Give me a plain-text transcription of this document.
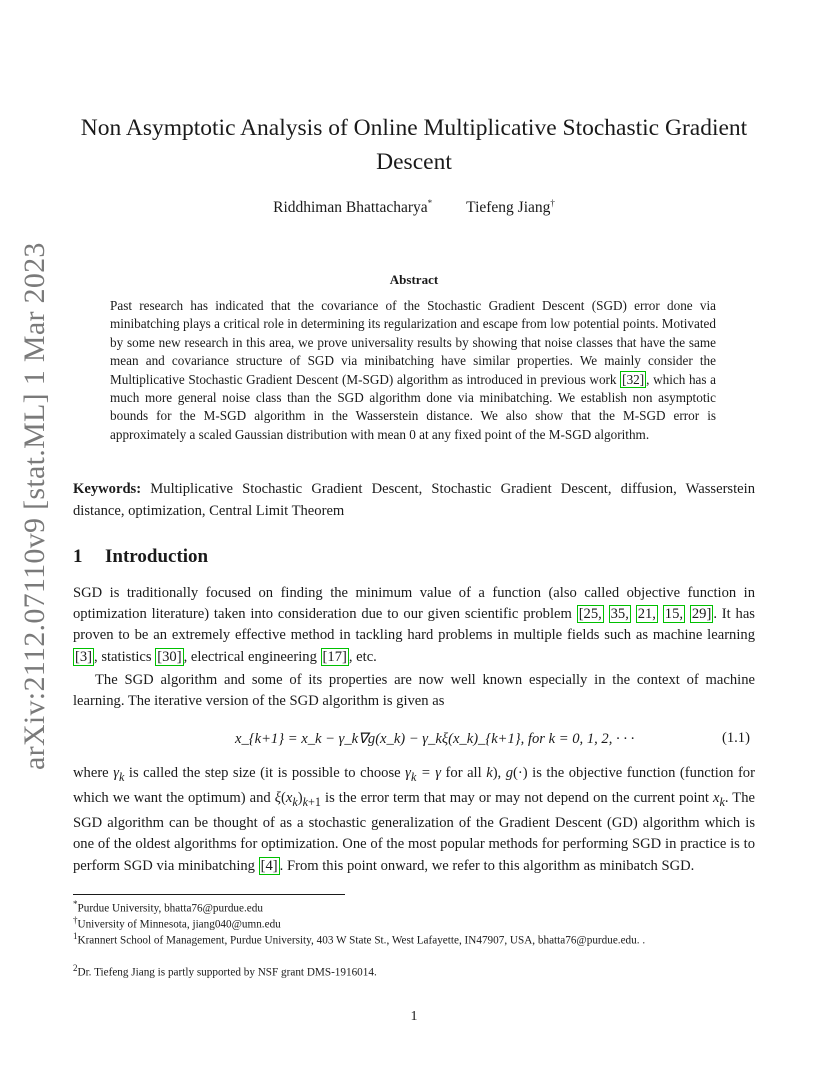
arXiv:2112.07110v9 [stat.ML] 1 Mar 2023
Non Asymptotic Analysis of Online Multiplicative Stochastic Gradient
Descent
Riddhiman Bhattacharya* Tiefeng Jiang†
Abstract
Past research has indicated that the covariance of the Stochastic Gradient Descent (SGD) error done via minibatching plays a critical role in determining its regularization and escape from low potential points. Motivated by some new research in this area, we prove universality results by showing that noise classes that have the same mean and covariance structure of SGD via minibatching have similar properties. We mainly consider the Multiplicative Stochastic Gradient Descent (M-SGD) algorithm as introduced in previous work [32] , which has a much more general noise class than the SGD algorithm done via minibatching. We establish non asymptotic bounds for the M-SGD algorithm in the Wasserstein distance. We also show that the M-SGD error is approximately a scaled Gaussian distribution with mean 0 at any fixed point of the M-SGD algorithm.
Keywords: Multiplicative Stochastic Gradient Descent, Stochastic Gradient Descent, diffusion, Wasserstein distance, optimization, Central Limit Theorem
1 Introduction
SGD is traditionally focused on finding the minimum value of a function (also called objective function in optimization literature) taken into consideration due to our given scientific problem [25, 35, 21, 15, 29] . It has proven to be an extremely effective method in tackling hard problems in multiple fields such as machine learning [3] , statistics [30] , electrical engineering [17] , etc.
The SGD algorithm and some of its properties are now well known especially in the context of machine learning. The iterative version of the SGD algorithm is given as
x_{k+1} = x_k − γ_k∇g(x_k) − γ_kξ(x_k)_{k+1}, for k = 0, 1, 2, · · ·	(1.1)
where $\gamma_k$ is called the step size (it is possible to choose $\gamma_k = \gamma$ for all k), g(·) is the objective function (function for which we want the optimum) and $\xi(x_k)_{k+1}$ is the error term that may or may not depend on the current point $x_k$. The SGD algorithm can be thought of as a stochastic generalization of the Gradient Descent (GD) algorithm which is one of the oldest algorithms for optimization. One of the most popular methods for performing SGD in practice is to perform SGD via minibatching [4] . From this point onward, we refer to this algorithm as minibatch SGD.
*Purdue University, bhatta76@purdue.edu
†University of Minnesota, jiang040@umn.edu
$^1$Krannert School of Management, Purdue University, 403 W State St., West Lafayette, IN47907, USA, bhatta76@purdue.edu. .
$^2$Dr. Tiefeng Jiang is partly supported by NSF grant DMS-1916014.
1
